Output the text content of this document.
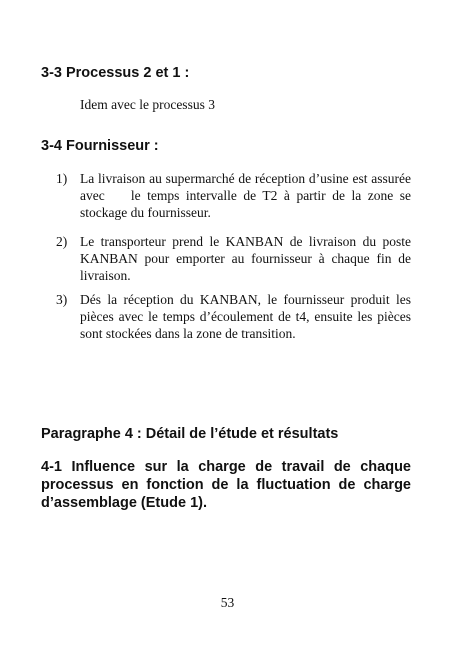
3-3 Processus 2 et 1 :

Idem avec le processus 3

3-4 Fournisseur :
1) La livraison au supermarché de réception d’usine est assurée avec    le temps intervalle de T2 à partir de la zone se stockage du fournisseur.
2) Le transporteur prend le KANBAN de livraison du poste KANBAN pour emporter au fournisseur à chaque fin de livraison.
3) Dés la réception du KANBAN, le fournisseur produit les pièces avec le temps d’écoulement de t4, ensuite les pièces sont stockées dans la zone de transition.
Paragraphe 4 : Détail de l’étude et résultats
4-1 Influence sur la charge de travail de chaque processus en fonction de la fluctuation de charge d’assemblage (Etude 1).
53
